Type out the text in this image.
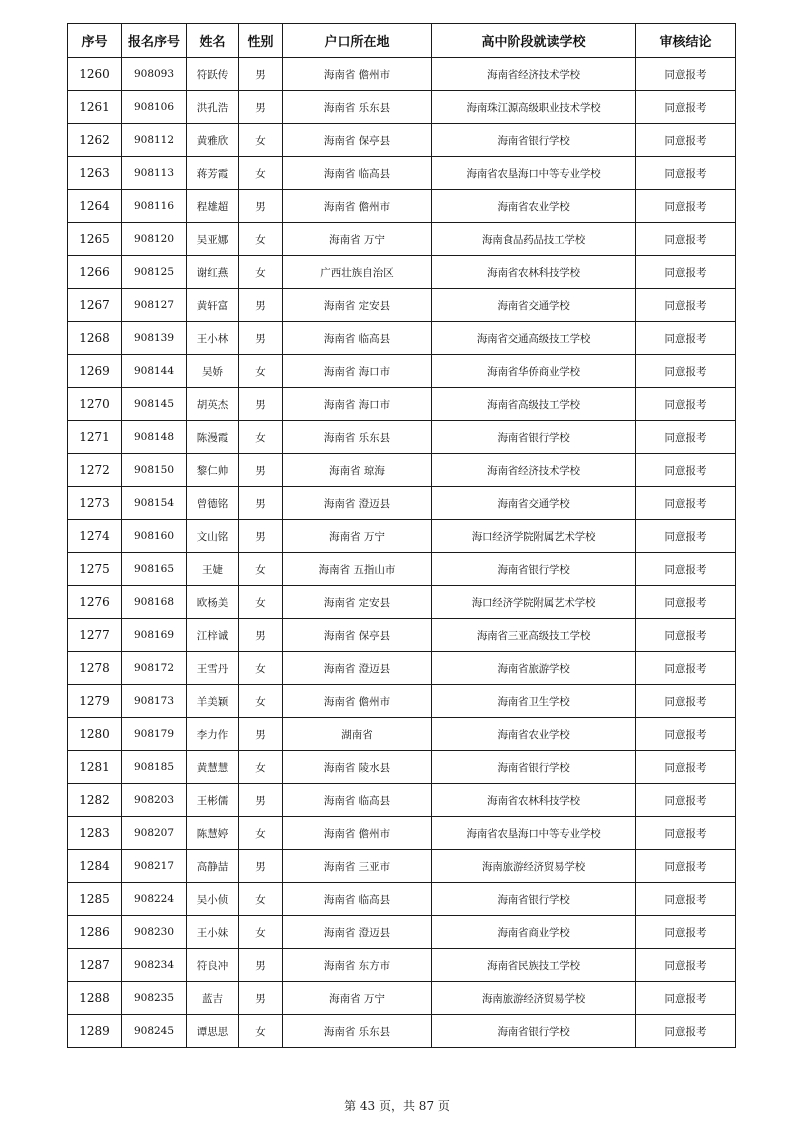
序号	报名序号	姓名	性别	户口所在地	高中阶段就读学校	审核结论
1260	908093	符跃传	男	海南省 儋州市	海南省经济技术学校	同意报考
1261	908106	洪孔浩	男	海南省 乐东县	海南珠江源高级职业技术学校	同意报考
1262	908112	黄雅欣	女	海南省 保亭县	海南省银行学校	同意报考
1263	908113	蒋芳霞	女	海南省 临高县	海南省农垦海口中等专业学校	同意报考
1264	908116	程雄超	男	海南省 儋州市	海南省农业学校	同意报考
1265	908120	吴亚娜	女	海南省 万宁	海南食品药品技工学校	同意报考
1266	908125	谢红燕	女	广西壮族自治区	海南省农林科技学校	同意报考
1267	908127	黄轩富	男	海南省 定安县	海南省交通学校	同意报考
1268	908139	王小林	男	海南省 临高县	海南省交通高级技工学校	同意报考
1269	908144	吴娇	女	海南省 海口市	海南省华侨商业学校	同意报考
1270	908145	胡英杰	男	海南省 海口市	海南省高级技工学校	同意报考
1271	908148	陈漫霞	女	海南省 乐东县	海南省银行学校	同意报考
1272	908150	黎仁帅	男	海南省 琼海	海南省经济技术学校	同意报考
1273	908154	曾德铭	男	海南省 澄迈县	海南省交通学校	同意报考
1274	908160	文山铭	男	海南省 万宁	海口经济学院附属艺术学校	同意报考
1275	908165	王婕	女	海南省 五指山市	海南省银行学校	同意报考
1276	908168	欧杨美	女	海南省 定安县	海口经济学院附属艺术学校	同意报考
1277	908169	江梓诚	男	海南省 保亭县	海南省三亚高级技工学校	同意报考
1278	908172	王雪丹	女	海南省 澄迈县	海南省旅游学校	同意报考
1279	908173	羊美颖	女	海南省 儋州市	海南省卫生学校	同意报考
1280	908179	李力作	男	湖南省	海南省农业学校	同意报考
1281	908185	黄慧慧	女	海南省 陵水县	海南省银行学校	同意报考
1282	908203	王彬儒	男	海南省 临高县	海南省农林科技学校	同意报考
1283	908207	陈慧婷	女	海南省 儋州市	海南省农垦海口中等专业学校	同意报考
1284	908217	高静喆	男	海南省 三亚市	海南旅游经济贸易学校	同意报考
1285	908224	吴小侦	女	海南省 临高县	海南省银行学校	同意报考
1286	908230	王小妹	女	海南省 澄迈县	海南省商业学校	同意报考
1287	908234	符良冲	男	海南省 东方市	海南省民族技工学校	同意报考
1288	908235	蓝吉	男	海南省 万宁	海南旅游经济贸易学校	同意报考
1289	908245	谭思思	女	海南省 乐东县	海南省银行学校	同意报考
第 43 页，共 87 页
